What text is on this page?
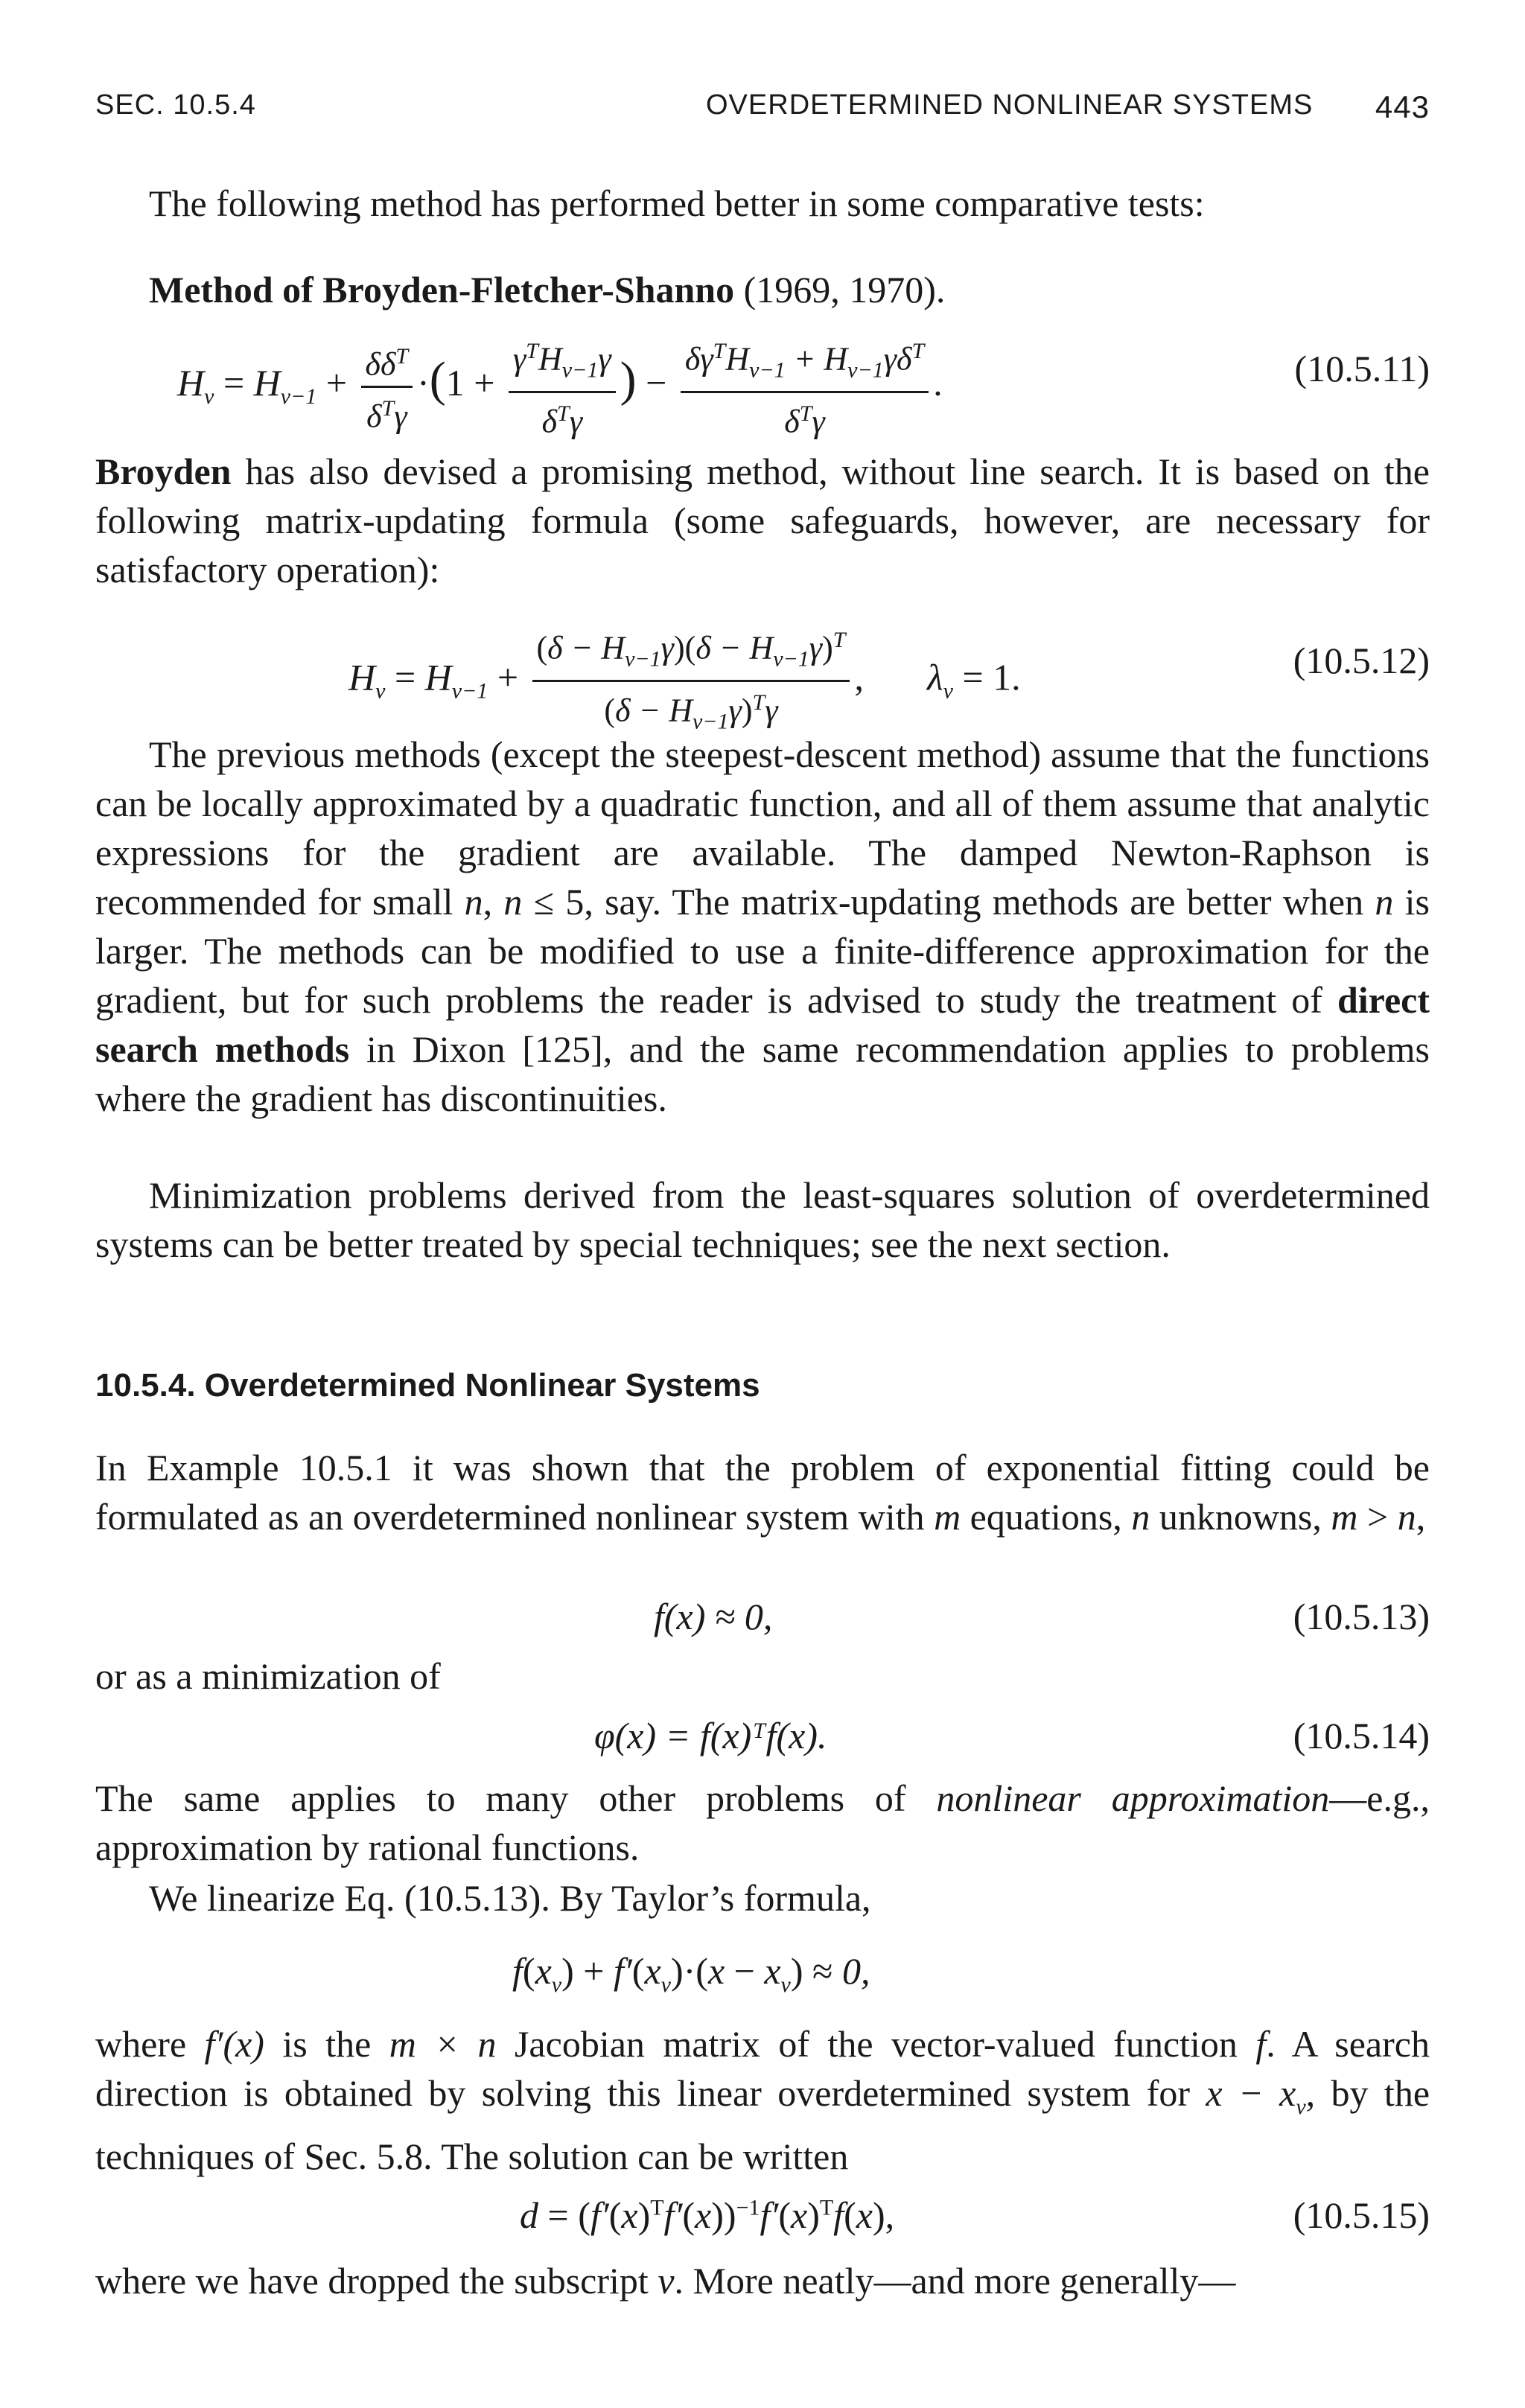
SEC. 10.5.4	OVERDETERMINED NONLINEAR SYSTEMS 443

The following method has performed better in some comparative tests:

Method of Broyden-Fletcher-Shanno (1969, 1970).
$H_\nu = H_{\nu-1} + \frac{\delta\delta^T}{\delta^T\gamma} \cdot(1 + \frac{\gamma^TH_{\nu-1}\gamma}{\delta^T\gamma}$ ) − $\frac{\delta\gamma^TH_{\nu-1} + H_{\nu-1}\gamma\delta^T}{\delta^T\gamma}$ .	(10.5.11)

Broyden has also devised a promising method, without line search. It is based on the following matrix-updating formula (some safeguards, however, are necessary for satisfactory operation):

$H_\nu = H_{\nu-1} + \frac{(\delta - H_{\nu-1}\gamma)(\delta - H_{\nu-1}\gamma)^T}{(\delta - H_{\nu-1}\gamma)^T\gamma}$ , $\lambda_\nu = 1$.	(10.5.12)

The previous methods (except the steepest-descent method) assume that the functions can be locally approximated by a quadratic function, and all of them assume that analytic expressions for the gradient are available. The damped Newton-Raphson is recommended for small n, n ≤ 5, say. The matrix-updating methods are better when n is larger. The methods can be modified to use a finite-difference approximation for the gradient, but for such problems the reader is advised to study the treatment of direct search methods in Dixon [125], and the same recommendation applies to problems where the gradient has discontinuities.

Minimization problems derived from the least-squares solution of overdetermined systems can be better treated by special techniques; see the next section.

10.5.4. Overdetermined Nonlinear Systems

In Example 10.5.1 it was shown that the problem of exponential fitting could be formulated as an overdetermined nonlinear system with m equations, n unknowns, m > n,

f(x) ≈ 0,	(10.5.13)

or as a minimization of

φ(x) = f(x)ᵀf(x).	(10.5.14)

The same applies to many other problems of nonlinear approximation—e.g., approximation by rational functions.

We linearize Eq. (10.5.13). By Taylor’s formula,

$f(x_\nu) + f'(x_\nu)\cdot(x - x_\nu) \approx 0$,

where f′(x) is the m × n Jacobian matrix of the vector-valued function f. A search direction is obtained by solving this linear overdetermined system for $x - x_\nu$, by the techniques of Sec. 5.8. The solution can be written

$d = (f'(x)^Tf'(x))^{-1}f'(x)^Tf(x)$,	(10.5.15)

where we have dropped the subscript ν. More neatly—and more generally—
